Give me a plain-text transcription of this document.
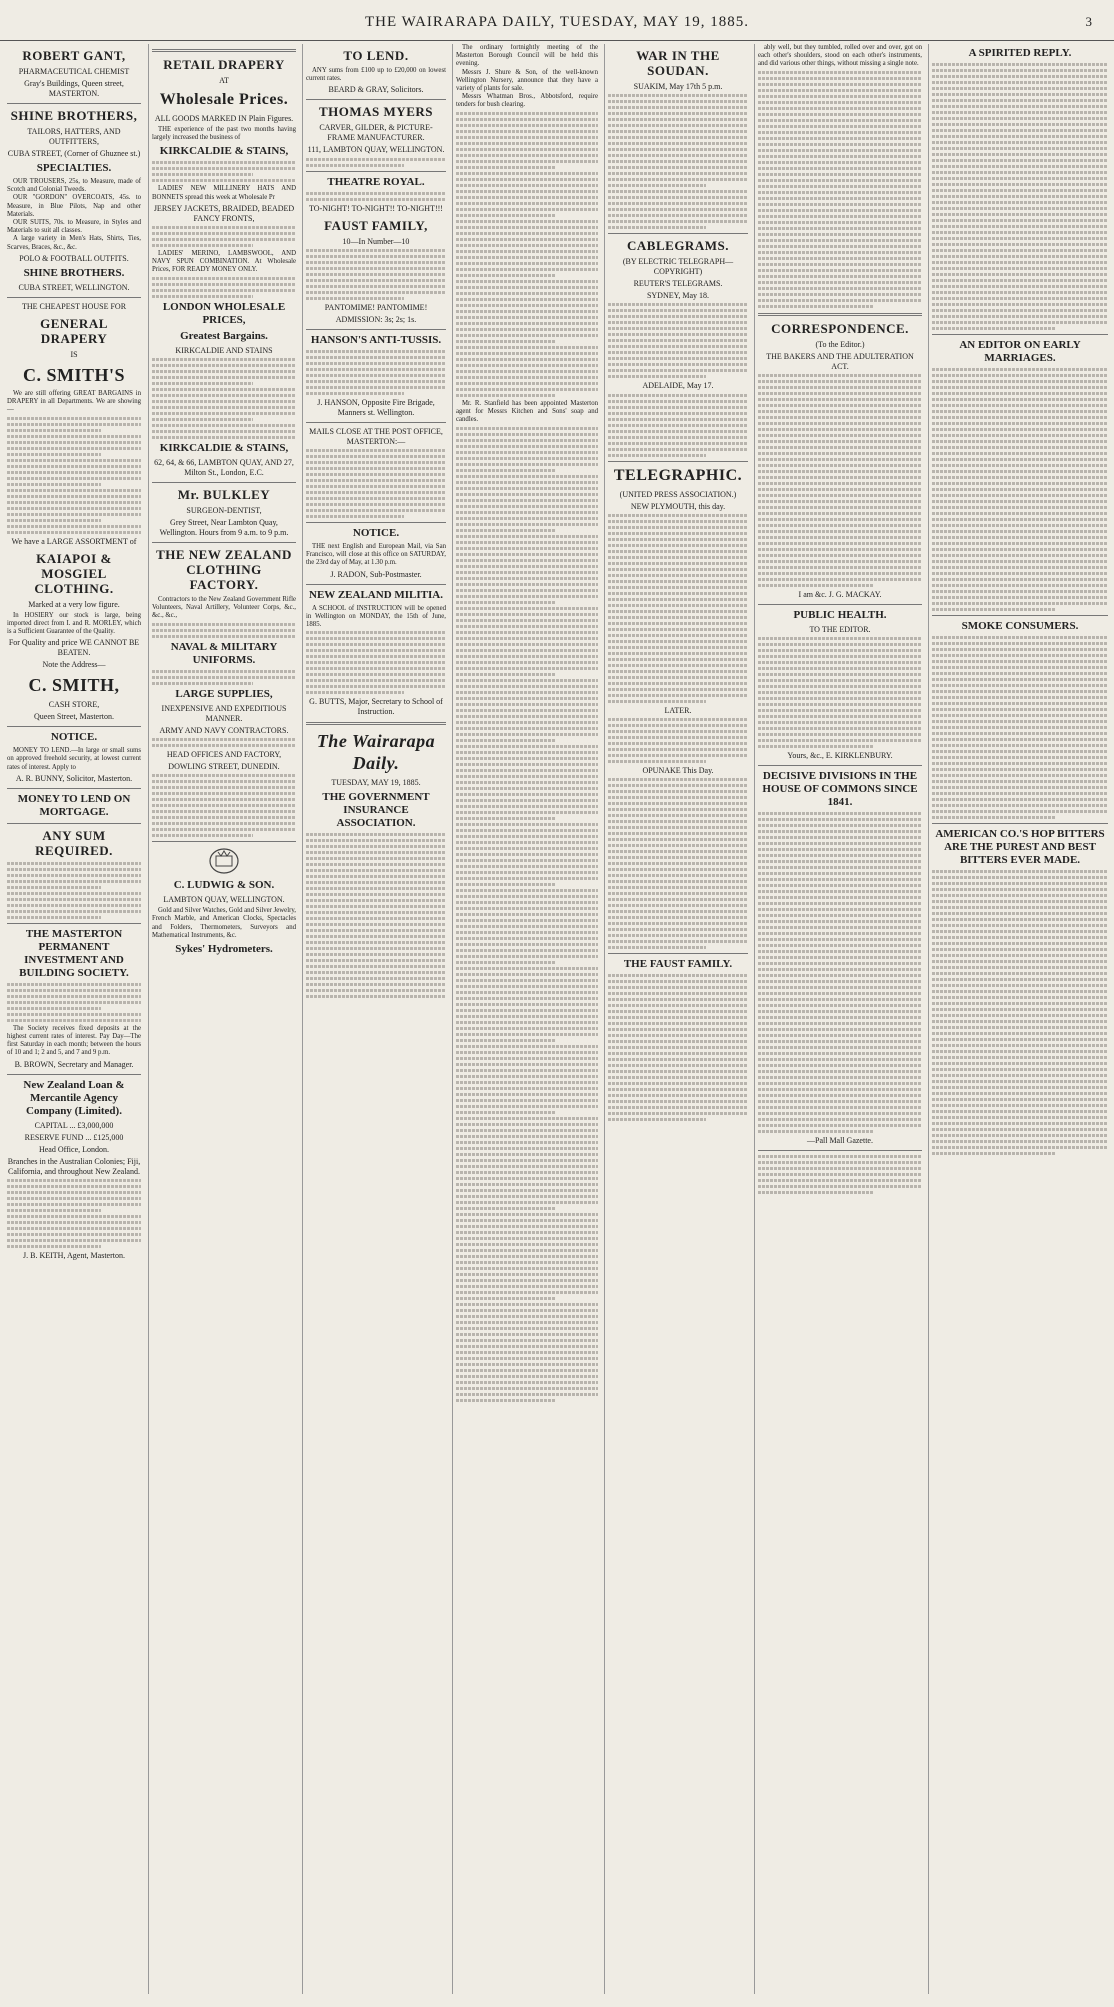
THE WAIRARAPA DAILY, TUESDAY, MAY 19, 1885.	3
ROBERT GANT,
PHARMACEUTICAL CHEMIST
Gray's Buildings, Queen street, MASTERTON.
SHINE BROTHERS,
TAILORS, HATTERS, AND OUTFITTERS,
CUBA STREET, (Corner of Ghuznee st.)
SPECIALTIES.
OUR TROUSERS, 25s, to Measure, made of Scotch and Colonial Tweeds.
OUR "GORDON" OVERCOATS, 45s. to Measure, in Blue Pilots, Nap and other Materials.
OUR SUITS, 70s. to Measure, in Styles and Materials to suit all classes.
A large variety in Men's Hats, Shirts, Ties, Scarves, Braces, &c., &c.
POLO & FOOTBALL OUTFITS.
SHINE BROTHERS.
CUBA STREET, WELLINGTON.
THE CHEAPEST HOUSE FOR
GENERAL DRAPERY
IS
C. SMITH'S
We are still offering GREAT BARGAINS in DRAPERY in all Departments. We are showing—
We have a LARGE ASSORTMENT of
KAIAPOI & MOSGIEL CLOTHING.
Marked at a very low figure.
In HOSIERY our stock is large, being imported direct from I. and R. MORLEY, which is a Sufficient Guarantee of the Quality.
For Quality and price WE CANNOT BE BEATEN.
Note the Address—
C. SMITH,
CASH STORE,
Queen Street, Masterton.
NOTICE.
MONEY TO LEND.—In large or small sums on approved freehold security, at lowest current rates of interest. Apply to
A. R. BUNNY, Solicitor, Masterton.
MONEY TO LEND ON MORTGAGE.
ANY SUM REQUIRED.
THE MASTERTON PERMANENT INVESTMENT AND BUILDING SOCIETY.
The Society receives fixed deposits at the highest current rates of interest. Pay Day—The first Saturday in each month; between the hours of 10 and 1; 2 and 5, and 7 and 9 p.m.
B. BROWN, Secretary and Manager.
New Zealand Loan & Mercantile Agency Company (Limited).
CAPITAL ... £3,000,000
RESERVE FUND ... £125,000
Head Office, London.
Branches in the Australian Colonies; Fiji, California, and throughout New Zealand.
J. B. KEITH, Agent, Masterton.
RETAIL DRAPERY
AT
Wholesale Prices.
ALL GOODS MARKED IN Plain Figures.
THE experience of the past two months having largely increased the business of
KIRKCALDIE & STAINS,
LADIES' NEW MILLINERY HATS AND BONNETS spread this week at Wholesale Pr
JERSEY JACKETS, BRAIDED, BEADED FANCY FRONTS,
LADIES' MERINO, LAMBSWOOL, AND NAVY SPUN COMBINATION. At Wholesale Prices, FOR READY MONEY ONLY.
LONDON WHOLESALE PRICES,
Greatest Bargains.
KIRKCALDIE AND STAINS
KIRKCALDIE & STAINS,
62, 64, & 66, LAMBTON QUAY, AND 27, Milton St., London, E.C.
Mr. BULKLEY
SURGEON-DENTIST,
Grey Street, Near Lambton Quay, Wellington. Hours from 9 a.m. to 9 p.m.
THE NEW ZEALAND CLOTHING FACTORY.
Contractors to the New Zealand Government Rifle Volunteers, Naval Artillery, Volunteer Corps, &c., &c., &c.,
NAVAL & MILITARY UNIFORMS.
LARGE SUPPLIES,
INEXPENSIVE AND EXPEDITIOUS MANNER.
ARMY AND NAVY CONTRACTORS.
HEAD OFFICES AND FACTORY,
DOWLING STREET, DUNEDIN.
C. LUDWIG & SON.
LAMBTON QUAY, WELLINGTON.
Gold and Silver Watches, Gold and Silver Jewelry, French Marble, and American Clocks, Spectacles and Folders, Thermometers, Surveyors and Mathematical Instruments, &c.
Sykes' Hydrometers.
TO LEND.
ANY sums from £100 up to £20,000 on lowest current rates.
BEARD & GRAY, Solicitors.
THOMAS MYERS
CARVER, GILDER, & PICTURE-FRAME MANUFACTURER.
111, LAMBTON QUAY, WELLINGTON.
THEATRE ROYAL.
TO-NIGHT! TO-NIGHT!! TO-NIGHT!!!
FAUST FAMILY,
10—In Number—10
PANTOMIME! PANTOMIME!
ADMISSION: 3s; 2s; 1s.
HANSON'S ANTI-TUSSIS.
J. HANSON, Opposite Fire Brigade, Manners st. Wellington.
MAILS CLOSE AT THE POST OFFICE, MASTERTON:—
NOTICE.
THE next English and European Mail, via San Francisco, will close at this office on SATURDAY, the 23rd day of May, at 1.30 p.m.
J. RADON, Sub-Postmaster.
NEW ZEALAND MILITIA.
A SCHOOL of INSTRUCTION will be opened in Wellington on MONDAY, the 15th of June, 1885.
G. BUTTS, Major, Secretary to School of Instruction.
The Wairarapa Daily.
TUESDAY, MAY 19, 1885.
THE GOVERNMENT INSURANCE ASSOCIATION.
The ordinary fortnightly meeting of the Masterton Borough Council will be held this evening.
Messrs J. Shure & Son, of the well-known Wellington Nursery, announce that they have a variety of plants for sale.
Messrs Whatman Bros., Abbotsford, require tenders for bush clearing.
Mr. R. Stanfield has been appointed Masterton agent for Messrs Kitchen and Sons' soap and candles.
WAR IN THE SOUDAN.
SUAKIM, May 17th 5 p.m.
CABLEGRAMS.
(BY ELECTRIC TELEGRAPH—COPYRIGHT)
REUTER'S TELEGRAMS.
SYDNEY, May 18.
ADELAIDE, May 17.
TELEGRAPHIC.
(UNITED PRESS ASSOCIATION.)
NEW PLYMOUTH, this day.
LATER.
OPUNAKE This Day.
THE FAUST FAMILY.
ably well, but they tumbled, rolled over and over, got on each other's shoulders, stood on each other's instruments, and did various other things, without missing a single note.
CORRESPONDENCE.
(To the Editor.)
THE BAKERS AND THE ADULTERATION ACT.
I am &c. J. G. MACKAY.
PUBLIC HEALTH.
TO THE EDITOR.
Yours, &c., E. KIRKLENBURY.
DECISIVE DIVISIONS IN THE HOUSE OF COMMONS SINCE 1841.
—Pall Mall Gazette.
A SPIRITED REPLY.
AN EDITOR ON EARLY MARRIAGES.
SMOKE CONSUMERS.
AMERICAN CO.'S HOP BITTERS ARE THE PUREST AND BEST BITTERS EVER MADE.
